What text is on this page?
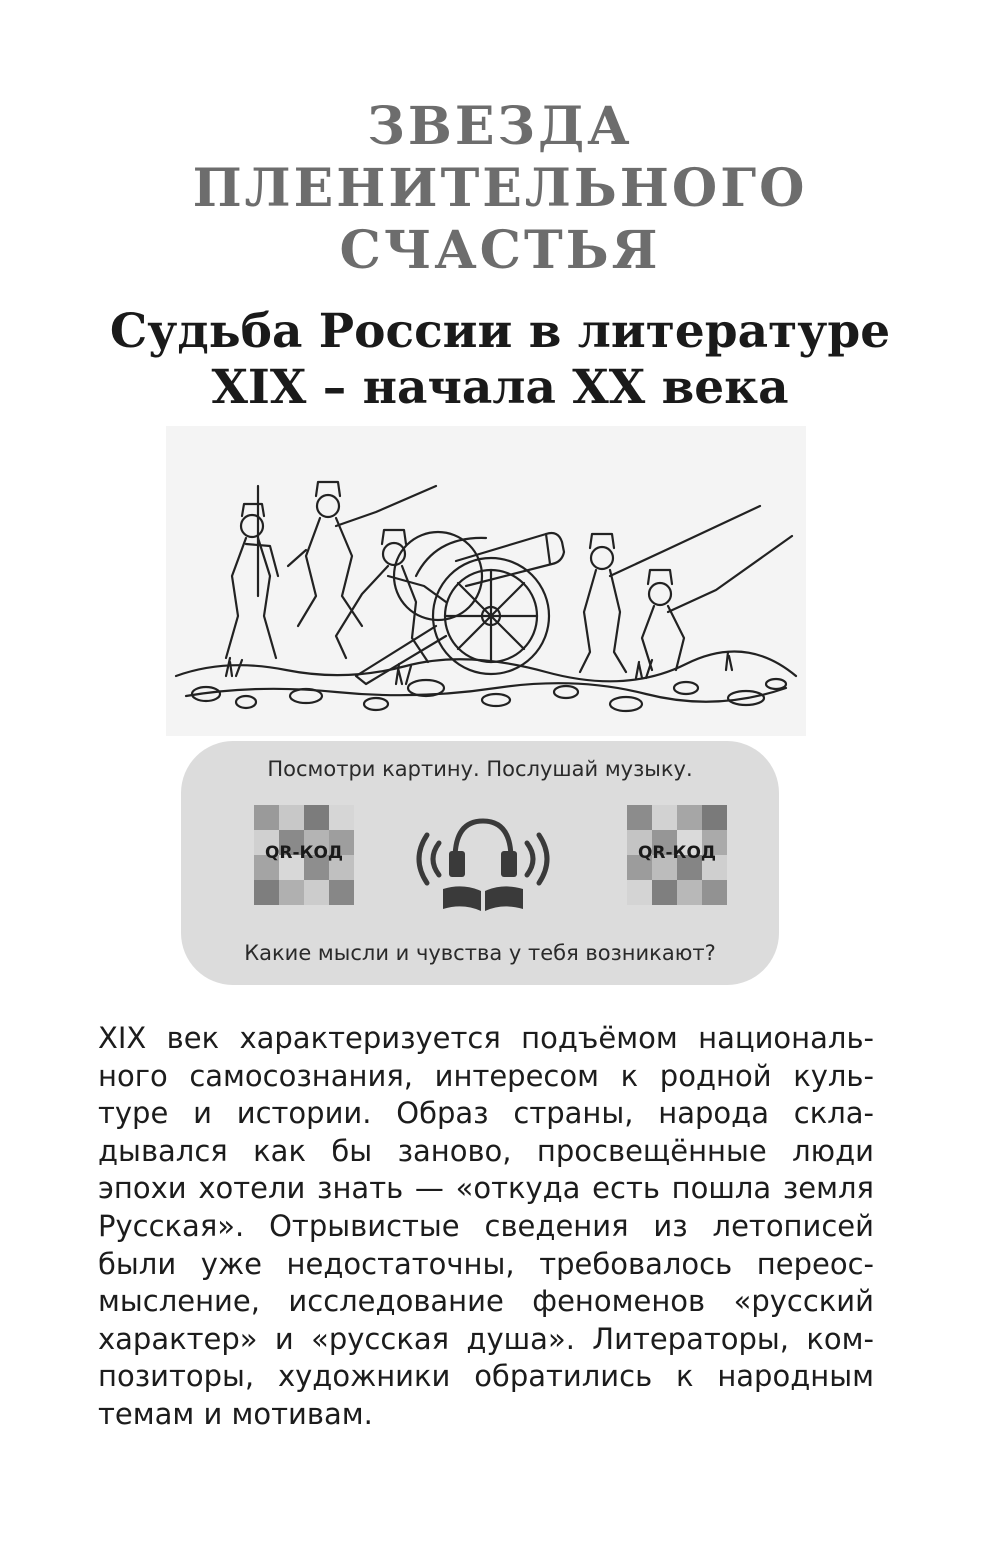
ЗВЕЗДА
ПЛЕНИТЕЛЬНОГО
СЧАСТЬЯ
Судьба России в литературе
XIX – начала XX века
Посмотри картину. Послушай музыку.
QR-КОД	QR-КОД
Какие мысли и чувства у тебя возникают?
XIX век характеризуется подъёмом националь-
ного самосознания, интересом к родной куль-
туре и истории. Образ страны, народа скла-
дывался как бы заново, просвещённые люди
эпохи хотели знать — «откуда есть пошла земля
Русская». Отрывистые сведения из летописей
были уже недостаточны, требовалось переос-
мысление, исследование феноменов «русский
характер» и «русская душа». Литераторы, ком-
позиторы, художники обратились к народным
темам и мотивам.
